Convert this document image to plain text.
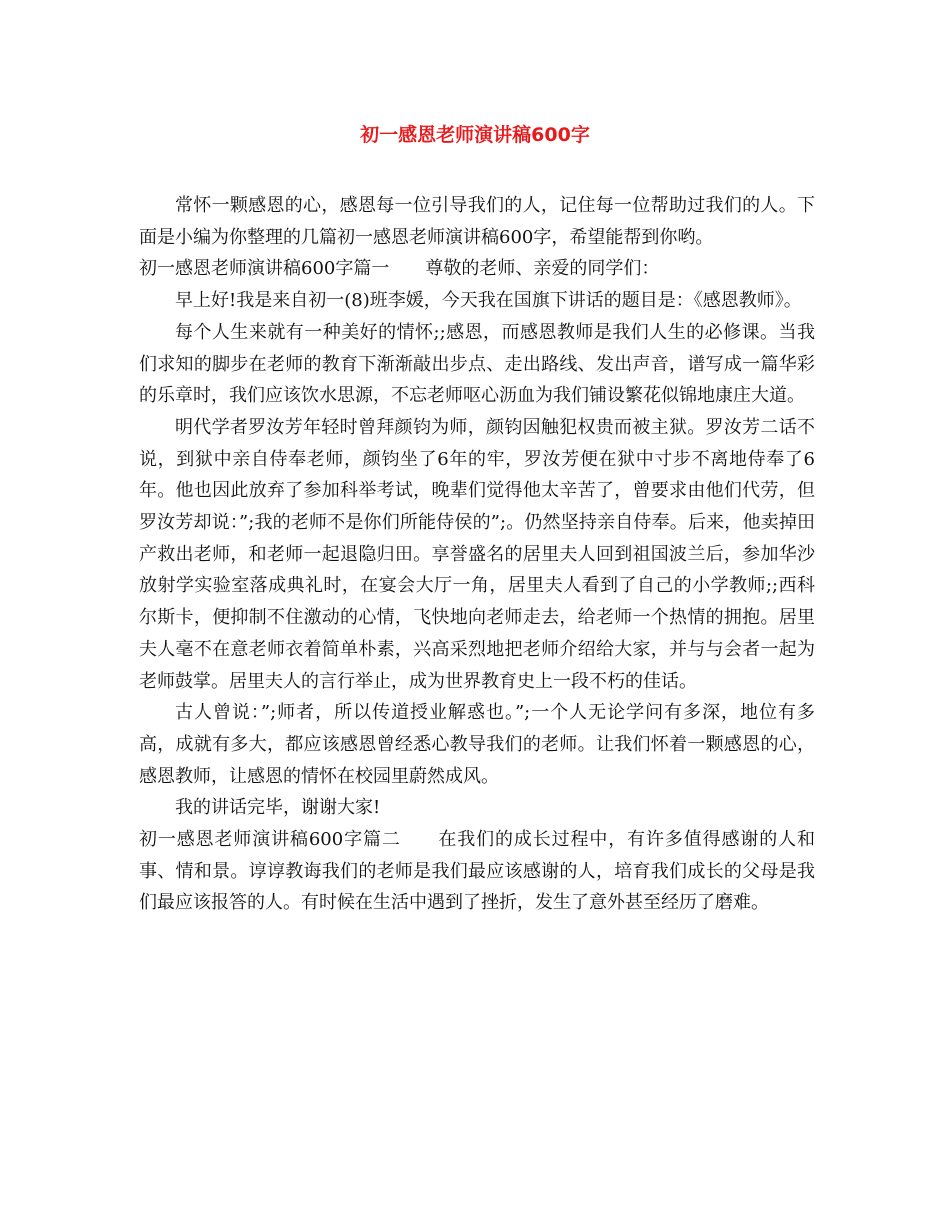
初一感恩老师演讲稿600字

常怀一颗感恩的心，感恩每一位引导我们的人，记住每一位帮助过我们的人。下面是小编为你整理的几篇初一感恩老师演讲稿600字，希望能帮到你哟。

初一感恩老师演讲稿600字篇一　　尊敬的老师、亲爱的同学们：

早上好!我是来自初一(8)班李媛，今天我在国旗下讲话的题目是：《感恩教师》。

每个人生来就有一种美好的情怀;;感恩，而感恩教师是我们人生的必修课。当我们求知的脚步在老师的教育下渐渐敲出步点、走出路线、发出声音，谱写成一篇华彩的乐章时，我们应该饮水思源，不忘老师呕心沥血为我们铺设繁花似锦地康庄大道。

明代学者罗汝芳年轻时曾拜颜钧为师，颜钧因触犯权贵而被主狱。罗汝芳二话不说，到狱中亲自侍奉老师，颜钧坐了6年的牢，罗汝芳便在狱中寸步不离地侍奉了6年。他也因此放弃了参加科举考试，晚辈们觉得他太辛苦了，曾要求由他们代劳，但罗汝芳却说：”;我的老师不是你们所能侍侯的”;。仍然坚持亲自侍奉。后来，他卖掉田产救出老师，和老师一起退隐归田。享誉盛名的居里夫人回到祖国波兰后，参加华沙放射学实验室落成典礼时，在宴会大厅一角，居里夫人看到了自己的小学教师;;西科尔斯卡，便抑制不住激动的心情，飞快地向老师走去，给老师一个热情的拥抱。居里夫人毫不在意老师衣着简单朴素，兴高采烈地把老师介绍给大家，并与与会者一起为老师鼓掌。居里夫人的言行举止，成为世界教育史上一段不朽的佳话。

古人曾说：”;师者，所以传道授业解惑也。”;一个人无论学问有多深，地位有多高，成就有多大，都应该感恩曾经悉心教导我们的老师。让我们怀着一颗感恩的心，感恩教师，让感恩的情怀在校园里蔚然成风。

我的讲话完毕，谢谢大家!

初一感恩老师演讲稿600字篇二　　在我们的成长过程中，有许多值得感谢的人和事、情和景。谆谆教诲我们的老师是我们最应该感谢的人，培育我们成长的父母是我们最应该报答的人。有时候在生活中遇到了挫折，发生了意外甚至经历了磨难。
